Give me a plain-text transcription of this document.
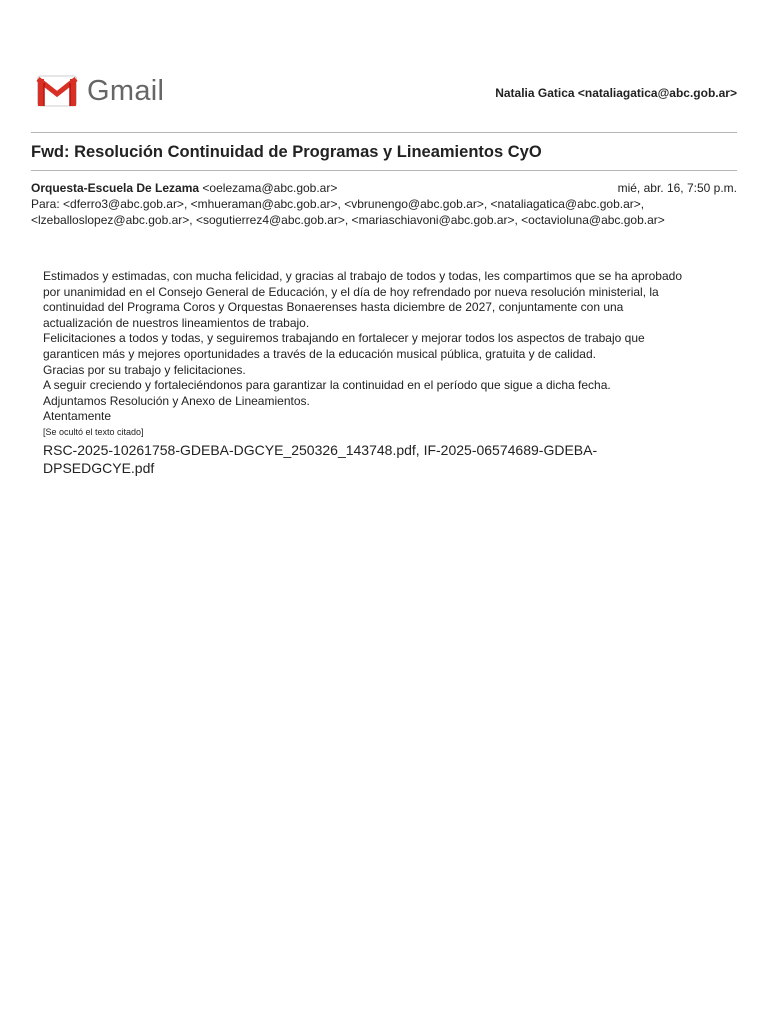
Gmail	Natalia Gatica <nataliagatica@abc.gob.ar>
Fwd: Resolución Continuidad de Programas y Lineamientos CyO
Orquesta-Escuela De Lezama <oelezama@abc.gob.ar>	mié, abr. 16, 7:50 p.m.
Para: <dferro3@abc.gob.ar>, <mhueraman@abc.gob.ar>, <vbrunengo@abc.gob.ar>, <nataliagatica@abc.gob.ar>,
<lzeballoslopez@abc.gob.ar>, <sogutierrez4@abc.gob.ar>, <mariaschiavoni@abc.gob.ar>, <octavioluna@abc.gob.ar>

Estimados y estimadas, con mucha felicidad, y gracias al trabajo de todos y todas, les compartimos que se ha aprobado

por unanimidad en el Consejo General de Educación, y el día de hoy refrendado por nueva resolución ministerial, la

continuidad del Programa Coros y Orquestas Bonaerenses hasta diciembre de 2027, conjuntamente con una

actualización de nuestros lineamientos de trabajo.

Felicitaciones a todos y todas, y seguiremos trabajando en fortalecer y mejorar todos los aspectos de trabajo que

garanticen más y mejores oportunidades a través de la educación musical pública, gratuita y de calidad.

Gracias por su trabajo y felicitaciones.

A seguir creciendo y fortaleciéndonos para garantizar la continuidad en el período que sigue a dicha fecha.

Adjuntamos Resolución y Anexo de Lineamientos.

Atentamente

[Se ocultó el texto citado]
RSC-2025-10261758-GDEBA-DGCYE_250326_143748.pdf, IF-2025-06574689-GDEBA-
DPSEDGCYE.pdf
